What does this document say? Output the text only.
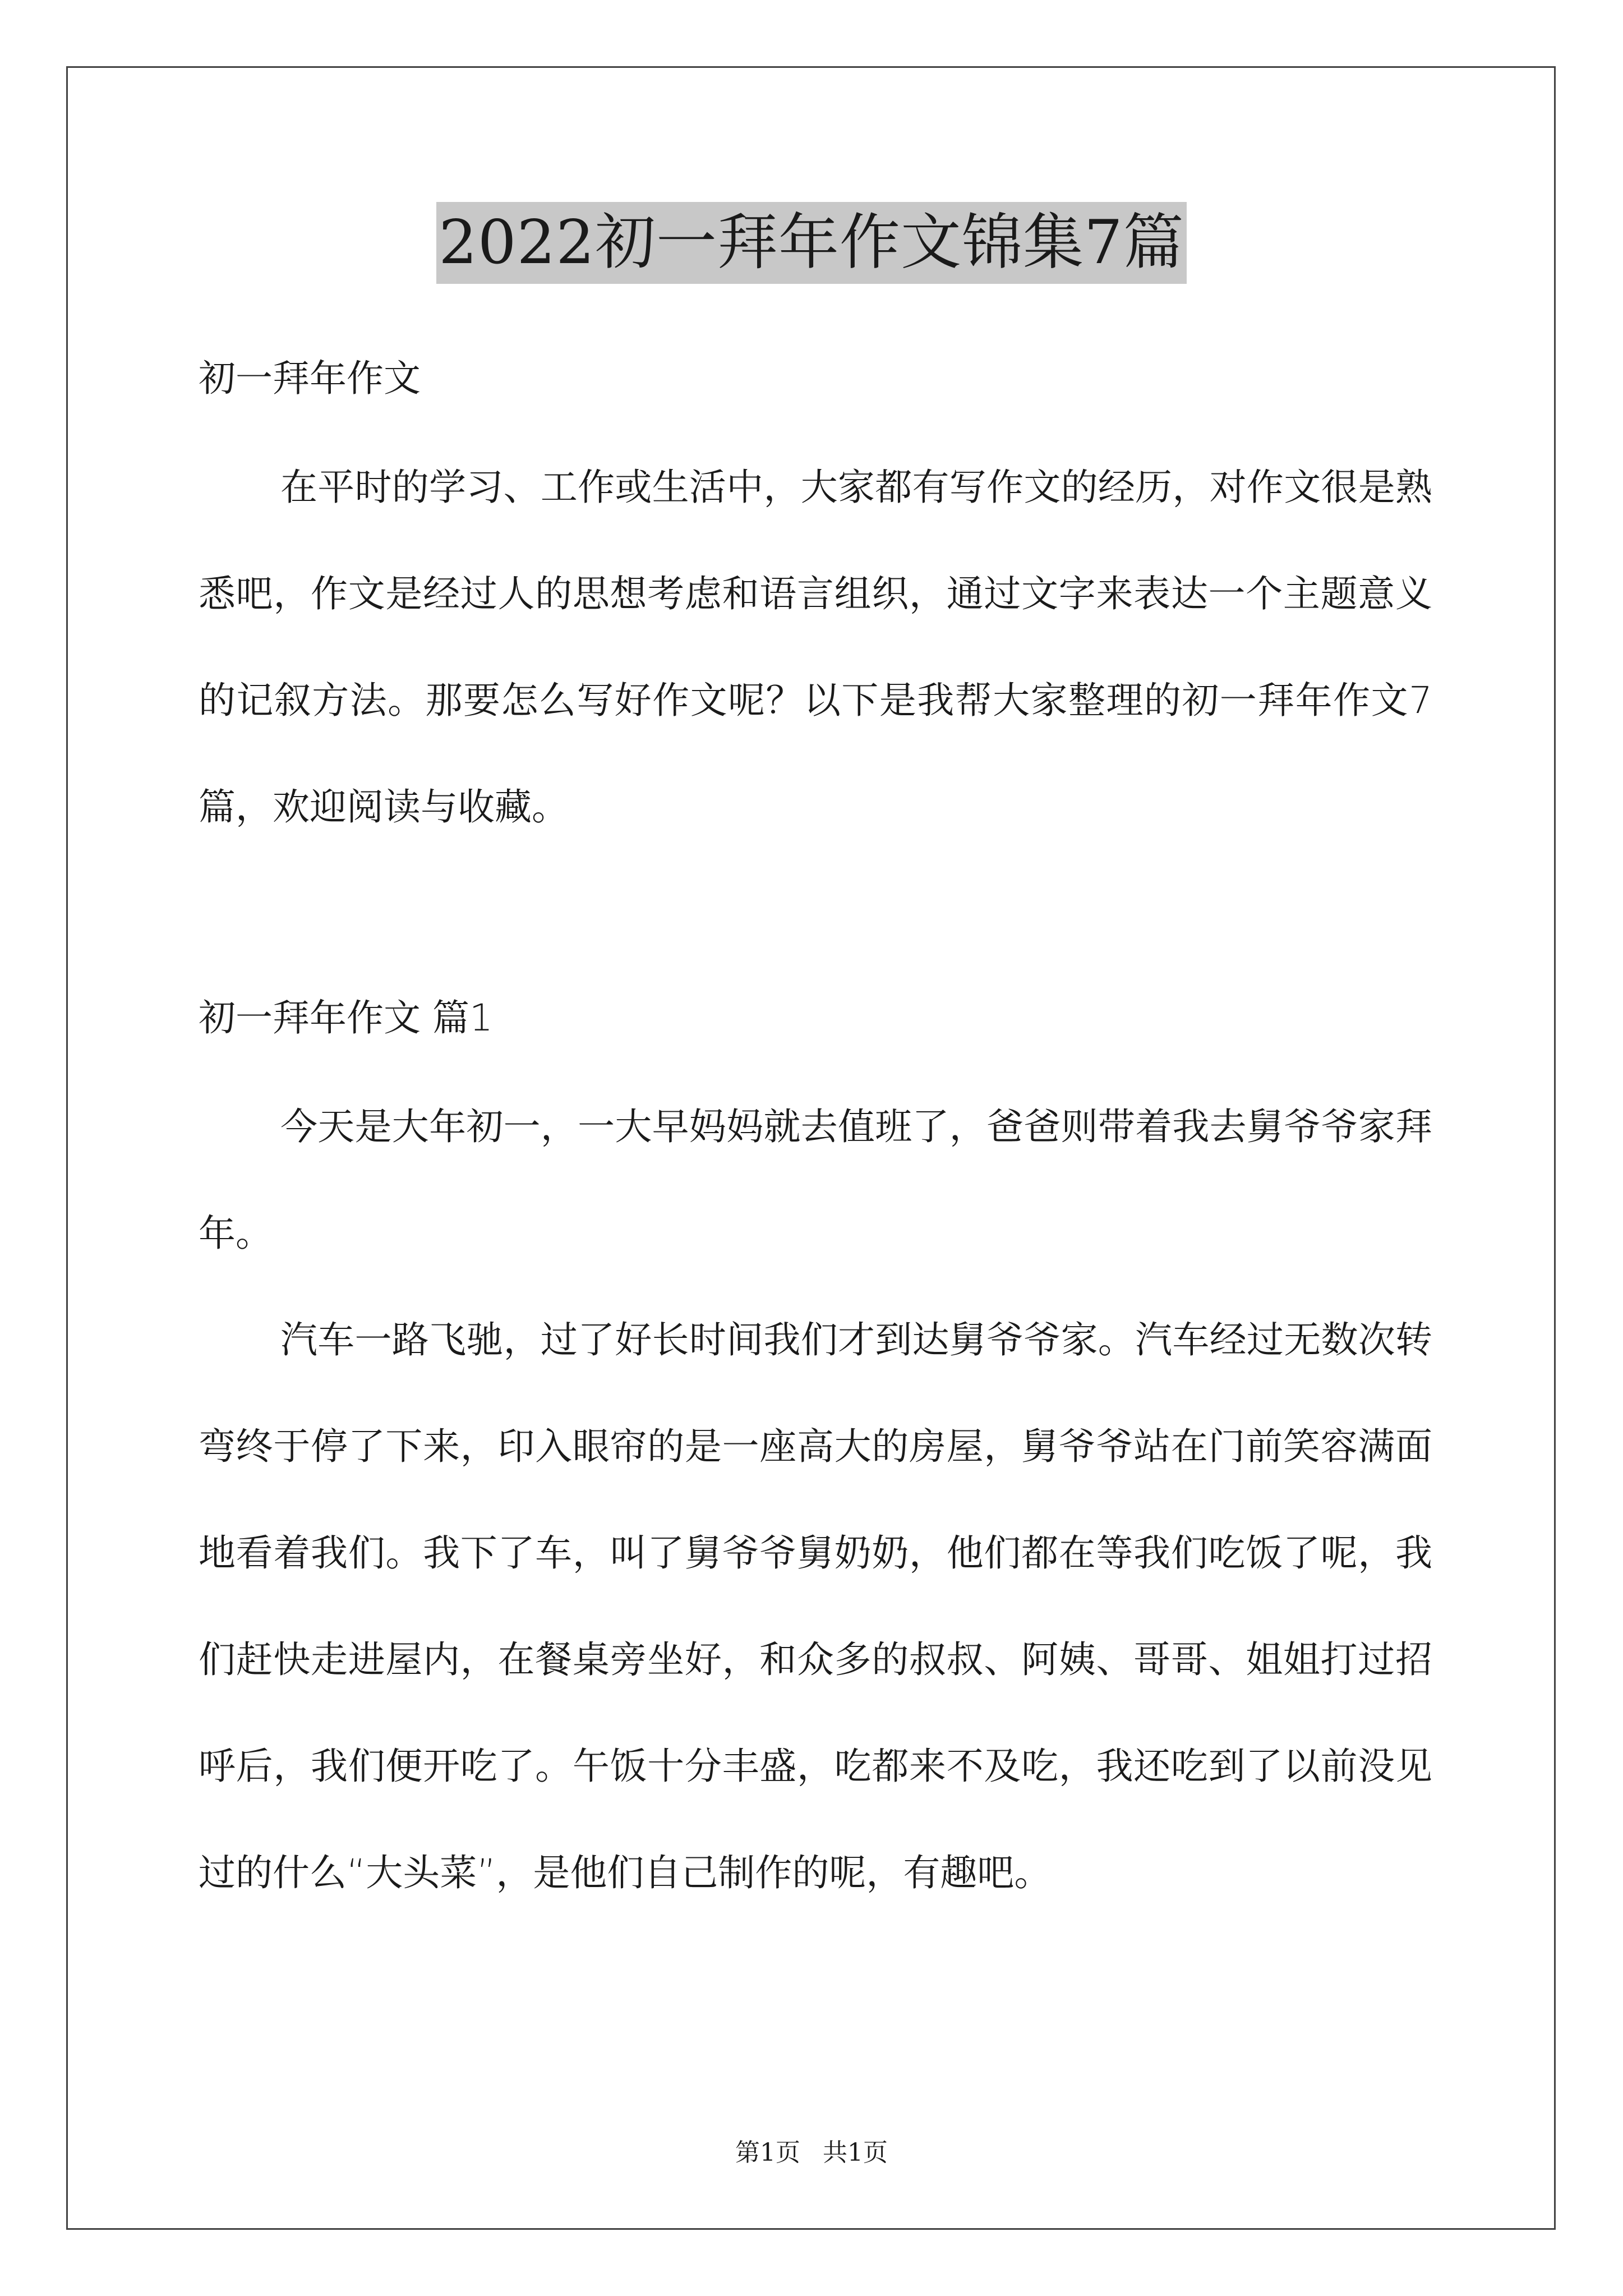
2022初一拜年作文锦集7篇
初一拜年作文
在平时的学习、工作或生活中，大家都有写作文的经历，对作文很是熟悉吧，作文是经过人的思想考虑和语言组织，通过文字来表达一个主题意义的记叙方法。那要怎么写好作文呢？以下是我帮大家整理的初一拜年作文7篇，欢迎阅读与收藏。
初一拜年作文 篇1
今天是大年初一，一大早妈妈就去值班了，爸爸则带着我去舅爷爷家拜年。
汽车一路飞驰，过了好长时间我们才到达舅爷爷家。汽车经过无数次转弯终于停了下来，印入眼帘的是一座高大的房屋，舅爷爷站在门前笑容满面地看着我们。我下了车，叫了舅爷爷舅奶奶，他们都在等我们吃饭了呢，我们赶快走进屋内，在餐桌旁坐好，和众多的叔叔、阿姨、哥哥、姐姐打过招呼后，我们便开吃了。午饭十分丰盛，吃都来不及吃，我还吃到了以前没见过的什么“大头菜”，是他们自己制作的呢，有趣吧。
第1页 共1页
